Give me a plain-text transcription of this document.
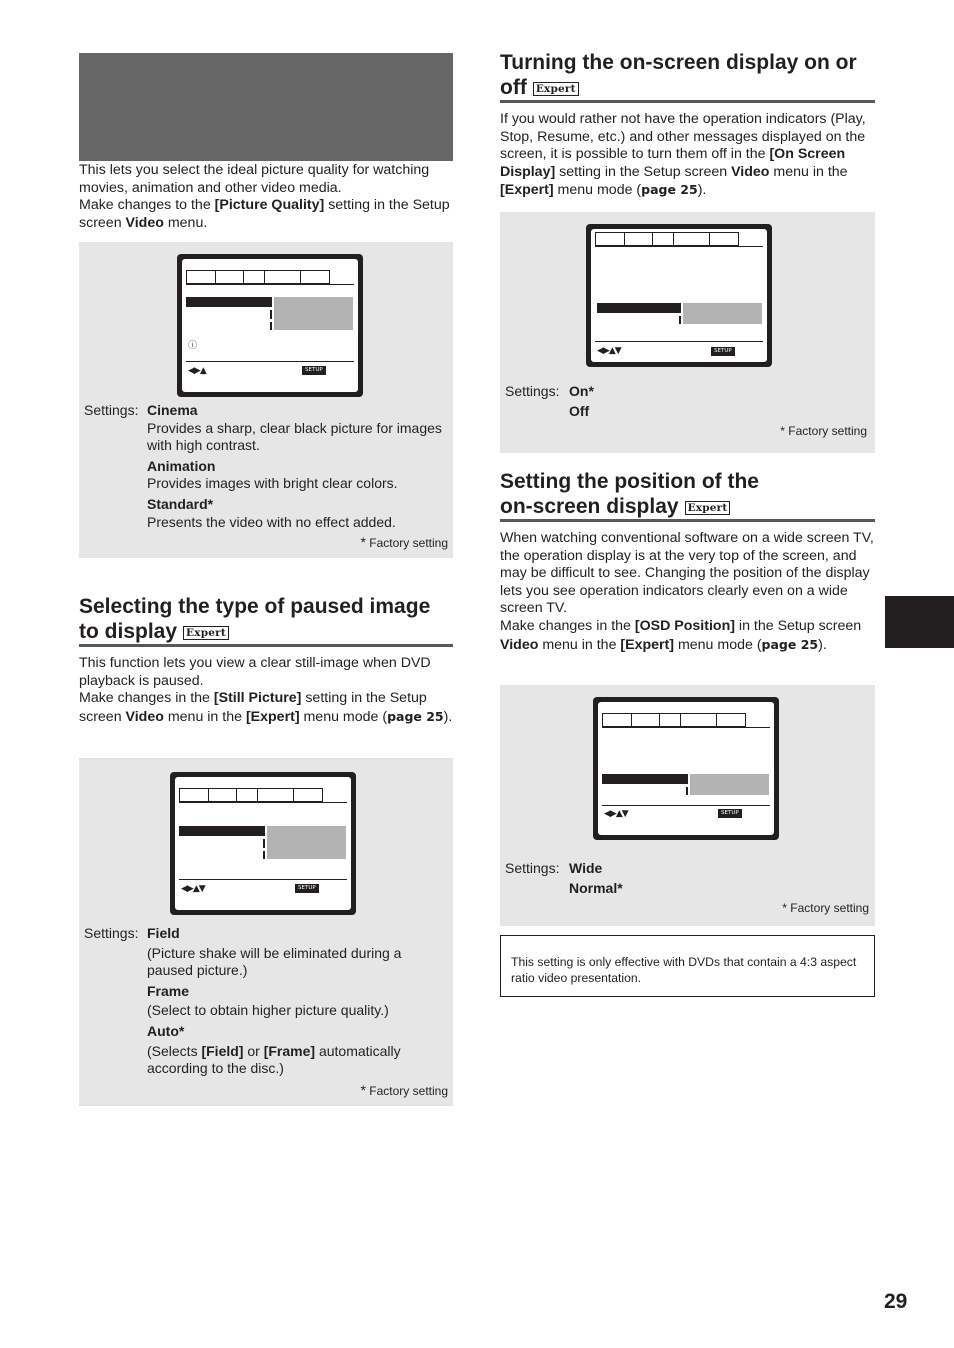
This lets you select the ideal picture quality for watching movies, animation and other video media.
Make changes to the [Picture Quality] setting in the Setup screen Video menu.

ⓘ
◀▶▲	SETUP
Settings: Cinema
Provides a sharp, clear black picture for images with high contrast.

Animation
Provides images with bright clear colors.

Standard*
Presents the video with no effect added.
* Factory setting
Selecting the type of paused image to display Expert

This function lets you view a clear still-image when DVD playback is paused.
Make changes in the [Still Picture] setting in the Setup screen Video menu in the [Expert] menu mode (page 25).

◀▶▲▼	SETUP
Settings: Field

(Picture shake will be eliminated during a paused picture.)

Frame

(Select to obtain higher picture quality.)

Auto*

(Selects [Field] or [Frame] automatically according to the disc.)
* Factory setting
Turning the on-screen display on or off Expert

If you would rather not have the operation indicators (Play, Stop, Resume, etc.) and other messages displayed on the screen, it is possible to turn them off in the [On Screen Display] setting in the Setup screen Video menu in the [Expert] menu mode (page 25).

◀▶▲▼	SETUP
Settings: On*

Off
* Factory setting
Setting the position of the
on-screen display Expert

When watching conventional software on a wide screen TV, the operation display is at the very top of the screen, and may be difficult to see. Changing the position of the display lets you see operation indicators clearly even on a wide screen TV.
Make changes in the [OSD Position] in the Setup screen Video menu in the [Expert] menu mode (page 25).

◀▶▲▼	SETUP
Settings: Wide

Normal*
* Factory setting
This setting is only effective with DVDs that contain a 4:3 aspect ratio video presentation.
29
